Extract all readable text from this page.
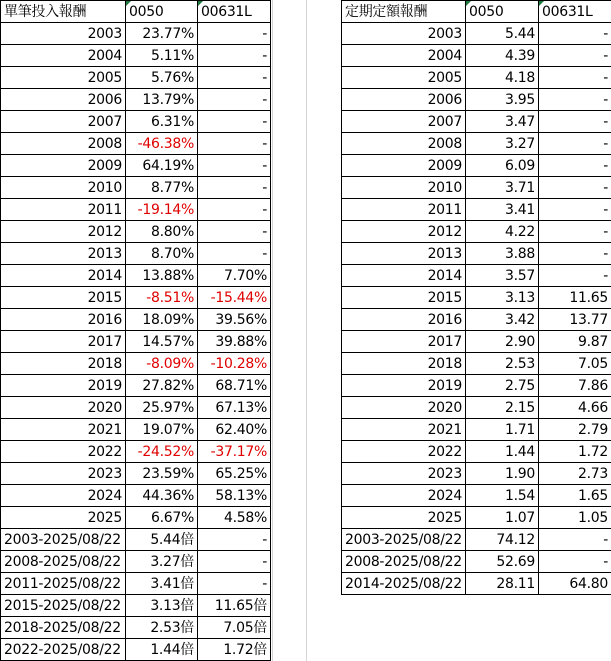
單筆投入報酬	0050	00631L
2003	23.77%	-
2004	5.11%	-
2005	5.76%	-
2006	13.79%	-
2007	6.31%	-
2008	-46.38%	-
2009	64.19%	-
2010	8.77%	-
2011	-19.14%	-
2012	8.80%	-
2013	8.70%	-
2014	13.88%	7.70%
2015	-8.51%	-15.44%
2016	18.09%	39.56%
2017	14.57%	39.88%
2018	-8.09%	-10.28%
2019	27.82%	68.71%
2020	25.97%	67.13%
2021	19.07%	62.40%
2022	-24.52%	-37.17%
2023	23.59%	65.25%
2024	44.36%	58.13%
2025	6.67%	4.58%
2003-2025/08/22	5.44倍	-
2008-2025/08/22	3.27倍	-
2011-2025/08/22	3.41倍	-
2015-2025/08/22	3.13倍	11.65倍
2018-2025/08/22	2.53倍	7.05倍
2022-2025/08/22	1.44倍	1.72倍
定期定額報酬	0050	00631L
2003	5.44	-
2004	4.39	-
2005	4.18	-
2006	3.95	-
2007	3.47	-
2008	3.27	-
2009	6.09	-
2010	3.71	-
2011	3.41	-
2012	4.22	-
2013	3.88	-
2014	3.57	-
2015	3.13	11.65
2016	3.42	13.77
2017	2.90	9.87
2018	2.53	7.05
2019	2.75	7.86
2020	2.15	4.66
2021	1.71	2.79
2022	1.44	1.72
2023	1.90	2.73
2024	1.54	1.65
2025	1.07	1.05
2003-2025/08/22	74.12	-
2008-2025/08/22	52.69	-
2014-2025/08/22	28.11	64.80
